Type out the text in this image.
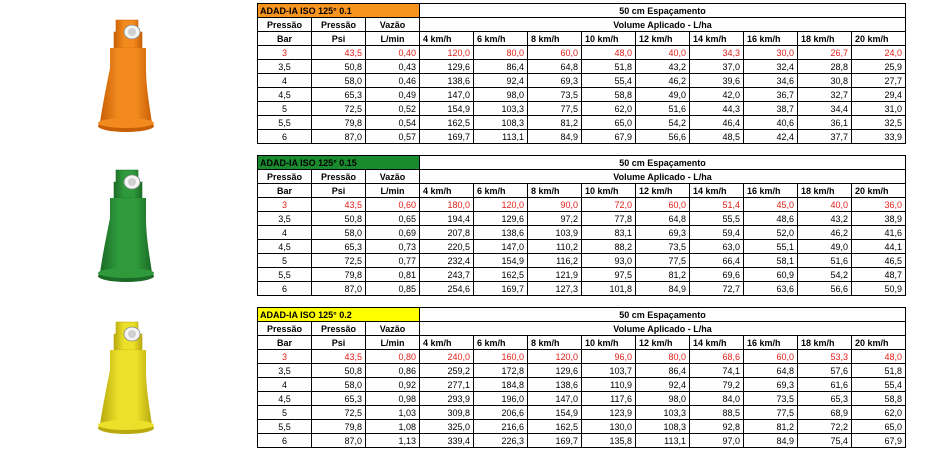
ADAD-IA ISO 125° 0.1			50 cm Espaçamento								
Pressão	Pressão	Vazão	Volume Aplicado - L/ha								
Bar	Psi	L/min	4 km/h	6 km/h	8 km/h	10 km/h	12 km/h	14 km/h	16 km/h	18 km/h	20 km/h
3	43,5	0,40	120,0	80,0	60,0	48,0	40,0	34,3	30,0	26,7	24,0
3,5	50,8	0,43	129,6	86,4	64,8	51,8	43,2	37,0	32,4	28,8	25,9
4	58,0	0,46	138,6	92,4	69,3	55,4	46,2	39,6	34,6	30,8	27,7
4,5	65,3	0,49	147,0	98,0	73,5	58,8	49,0	42,0	36,7	32,7	29,4
5	72,5	0,52	154,9	103,3	77,5	62,0	51,6	44,3	38,7	34,4	31,0
5,5	79,8	0,54	162,5	108,3	81,2	65,0	54,2	46,4	40,6	36,1	32,5
6	87,0	0,57	169,7	113,1	84,9	67,9	56,6	48,5	42,4	37,7	33,9
ADAD-IA ISO 125° 0.15			50 cm Espaçamento								
Pressão	Pressão	Vazão	Volume Aplicado - L/ha								
Bar	Psi	L/min	4 km/h	6 km/h	8 km/h	10 km/h	12 km/h	14 km/h	16 km/h	18 km/h	20 km/h
3	43,5	0,60	180,0	120,0	90,0	72,0	60,0	51,4	45,0	40,0	36,0
3,5	50,8	0,65	194,4	129,6	97,2	77,8	64,8	55,5	48,6	43,2	38,9
4	58,0	0,69	207,8	138,6	103,9	83,1	69,3	59,4	52,0	46,2	41,6
4,5	65,3	0,73	220,5	147,0	110,2	88,2	73,5	63,0	55,1	49,0	44,1
5	72,5	0,77	232,4	154,9	116,2	93,0	77,5	66,4	58,1	51,6	46,5
5,5	79,8	0,81	243,7	162,5	121,9	97,5	81,2	69,6	60,9	54,2	48,7
6	87,0	0,85	254,6	169,7	127,3	101,8	84,9	72,7	63,6	56,6	50,9
ADAD-IA ISO 125° 0.2			50 cm Espaçamento								
Pressão	Pressão	Vazão	Volume Aplicado - L/ha								
Bar	Psi	L/min	4 km/h	6 km/h	8 km/h	10 km/h	12 km/h	14 km/h	16 km/h	18 km/h	20 km/h
3	43,5	0,80	240,0	160,0	120,0	96,0	80,0	68,6	60,0	53,3	48,0
3,5	50,8	0,86	259,2	172,8	129,6	103,7	86,4	74,1	64,8	57,6	51,8
4	58,0	0,92	277,1	184,8	138,6	110,9	92,4	79,2	69,3	61,6	55,4
4,5	65,3	0,98	293,9	196,0	147,0	117,6	98,0	84,0	73,5	65,3	58,8
5	72,5	1,03	309,8	206,6	154,9	123,9	103,3	88,5	77,5	68,9	62,0
5,5	79,8	1,08	325,0	216,6	162,5	130,0	108,3	92,8	81,2	72,2	65,0
6	87,0	1,13	339,4	226,3	169,7	135,8	113,1	97,0	84,9	75,4	67,9
